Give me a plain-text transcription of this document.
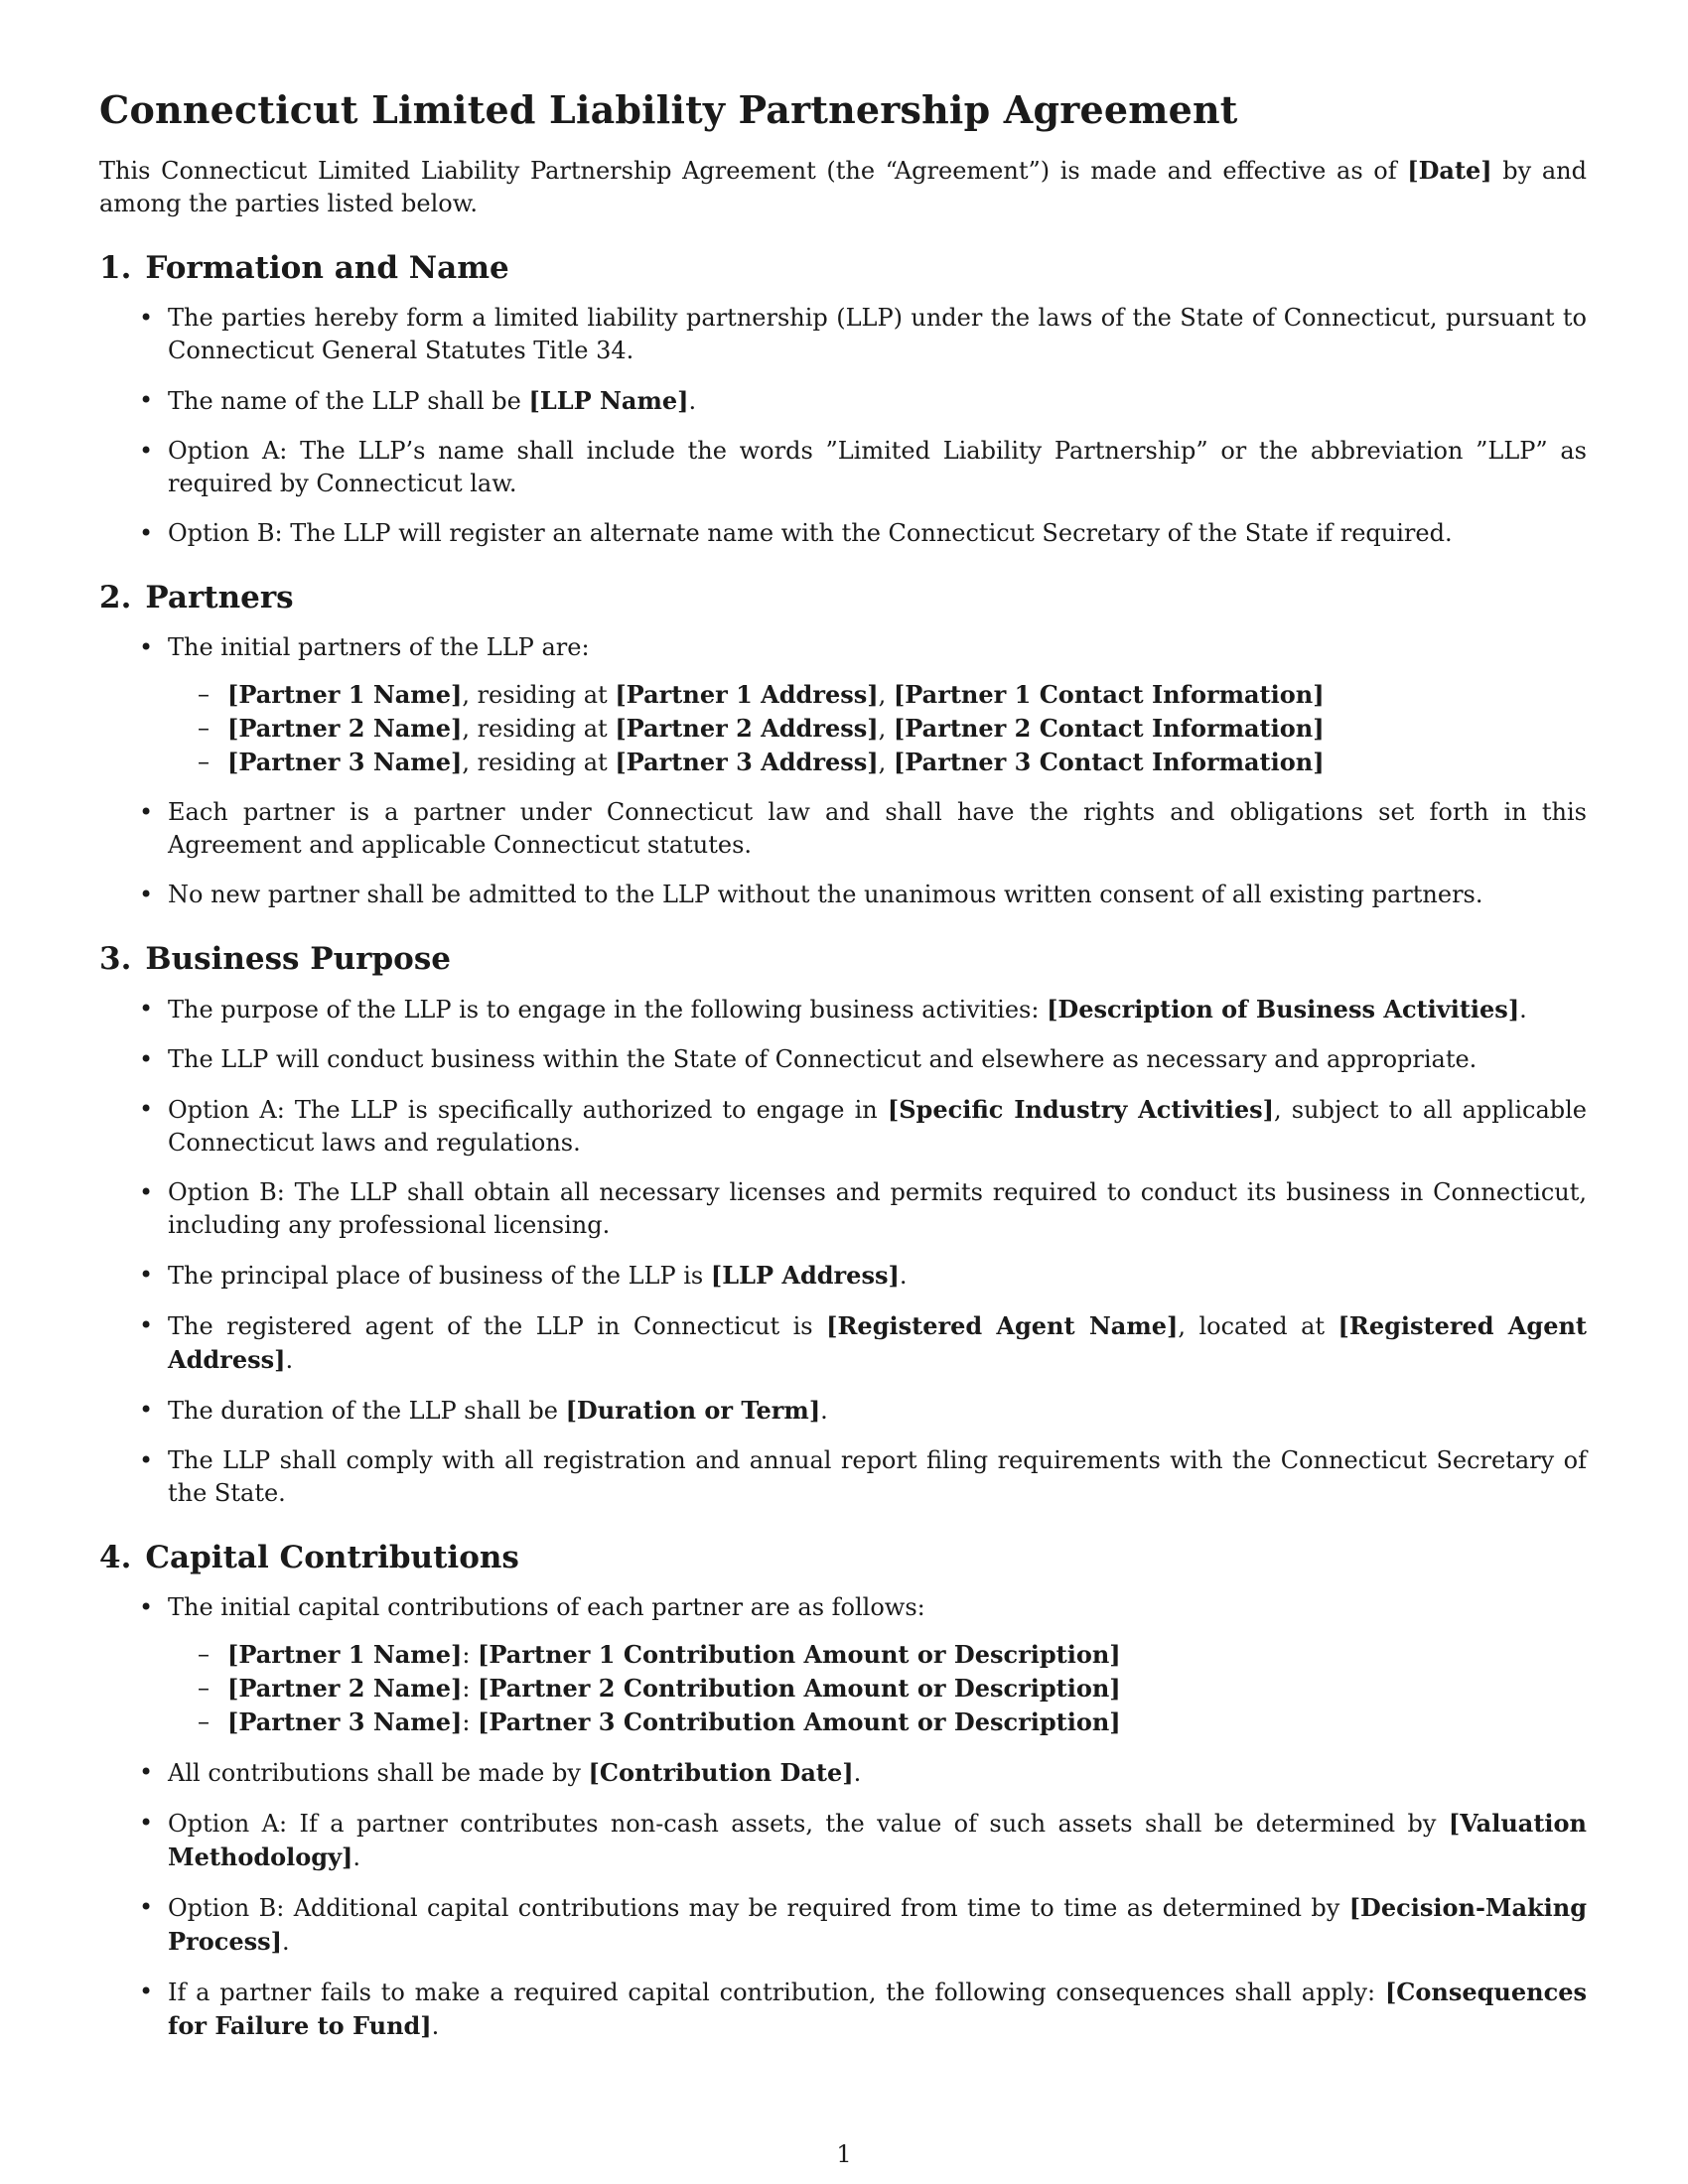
Connecticut Limited Liability Partnership Agreement

This Connecticut Limited Liability Partnership Agreement (the “Agreement”) is made and effective as of [Date] by and among the parties listed below.

1. Formation and Name
• The parties hereby form a limited liability partnership (LLP) under the laws of the State of Connecticut, pursuant to Connecticut General Statutes Title 34.
• The name of the LLP shall be [LLP Name].
• Option A: The LLP’s name shall include the words ”Limited Liability Partnership” or the abbreviation ”LLP” as required by Connecticut law.
• Option B: The LLP will register an alternate name with the Connecticut Secretary of the State if required.
2. Partners
• The initial partners of the LLP are:
– [Partner 1 Name], residing at [Partner 1 Address], [Partner 1 Contact Information]
– [Partner 2 Name], residing at [Partner 2 Address], [Partner 2 Contact Information]
– [Partner 3 Name], residing at [Partner 3 Address], [Partner 3 Contact Information]
• Each partner is a partner under Connecticut law and shall have the rights and obligations set forth in this Agreement and applicable Connecticut statutes.
• No new partner shall be admitted to the LLP without the unanimous written consent of all existing partners.
3. Business Purpose
• The purpose of the LLP is to engage in the following business activities: [Description of Business Activities].
• The LLP will conduct business within the State of Connecticut and elsewhere as necessary and appropriate.
• Option A: The LLP is specifically authorized to engage in [Specific Industry Activities], subject to all applicable Connecticut laws and regulations.
• Option B: The LLP shall obtain all necessary licenses and permits required to conduct its business in Connecticut, including any professional licensing.
• The principal place of business of the LLP is [LLP Address].
• The registered agent of the LLP in Connecticut is [Registered Agent Name], located at [Registered Agent Address].
• The duration of the LLP shall be [Duration or Term].
• The LLP shall comply with all registration and annual report filing requirements with the Connecticut Secretary of the State.
4. Capital Contributions
• The initial capital contributions of each partner are as follows:
– [Partner 1 Name]: [Partner 1 Contribution Amount or Description]
– [Partner 2 Name]: [Partner 2 Contribution Amount or Description]
– [Partner 3 Name]: [Partner 3 Contribution Amount or Description]
• All contributions shall be made by [Contribution Date].
• Option A: If a partner contributes non-cash assets, the value of such assets shall be determined by [Valuation Methodology].
• Option B: Additional capital contributions may be required from time to time as determined by [Decision-Making Process].
• If a partner fails to make a required capital contribution, the following consequences shall apply: [Consequences for Failure to Fund].
1
